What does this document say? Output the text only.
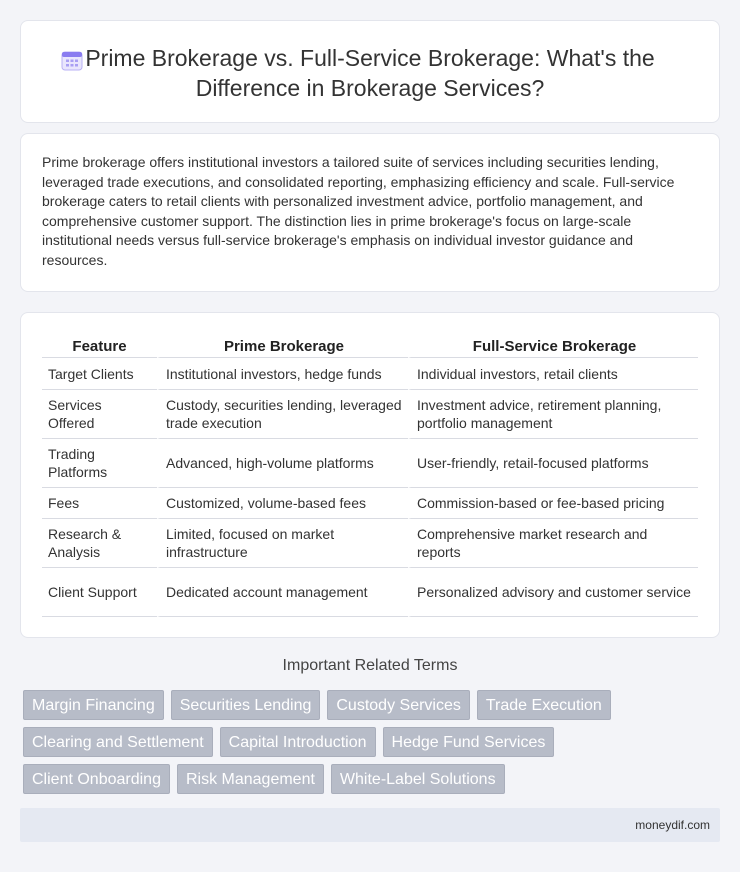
Prime Brokerage vs. Full-Service Brokerage: What's the Difference in Brokerage Services?

Prime brokerage offers institutional investors a tailored suite of services including securities lending, leveraged trade executions, and consolidated reporting, emphasizing efficiency and scale. Full-service brokerage caters to retail clients with personalized investment advice, portfolio management, and comprehensive customer support. The distinction lies in prime brokerage's focus on large-scale institutional needs versus full-service brokerage's emphasis on individual investor guidance and resources.

Feature	Prime Brokerage	Full-Service Brokerage
Target Clients	Institutional investors, hedge funds	Individual investors, retail clients
Services Offered	Custody, securities lending, leveraged trade execution	Investment advice, retirement planning, portfolio management
Trading Platforms	Advanced, high-volume platforms	User-friendly, retail-focused platforms
Fees	Customized, volume-based fees	Commission-based or fee-based pricing
Research & Analysis	Limited, focused on market infrastructure	Comprehensive market research and reports
Client Support	Dedicated account management	Personalized advisory and customer service
Important Related Terms
Margin Financing	Securities Lending	Custody Services	Trade Execution
Clearing and Settlement	Capital Introduction	Hedge Fund Services
Client Onboarding	Risk Management	White-Label Solutions
moneydif.com
